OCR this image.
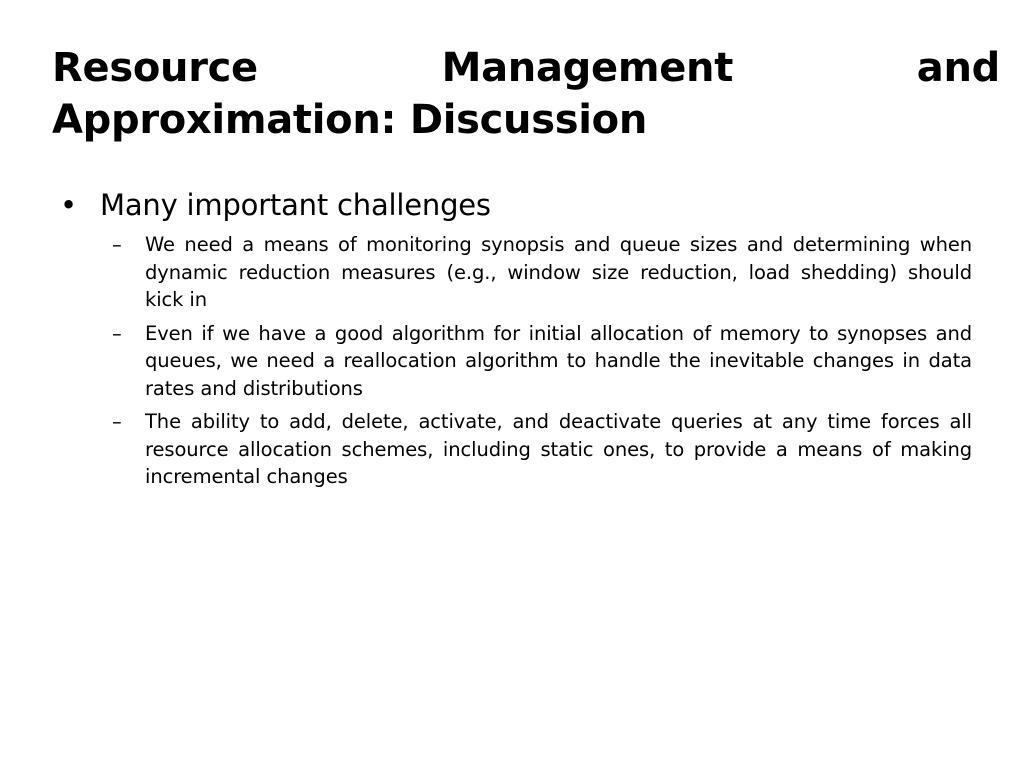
Resource Management and Approximation: Discussion
• Many important challenges
– We need a means of monitoring synopsis and queue sizes and determining when dynamic reduction measures (e.g., window size reduction, load shedding) should kick in
– Even if we have a good algorithm for initial allocation of memory to synopses and queues, we need a reallocation algorithm to handle the inevitable changes in data rates and distributions
– The ability to add, delete, activate, and deactivate queries at any time forces all resource allocation schemes, including static ones, to provide a means of making incremental changes
